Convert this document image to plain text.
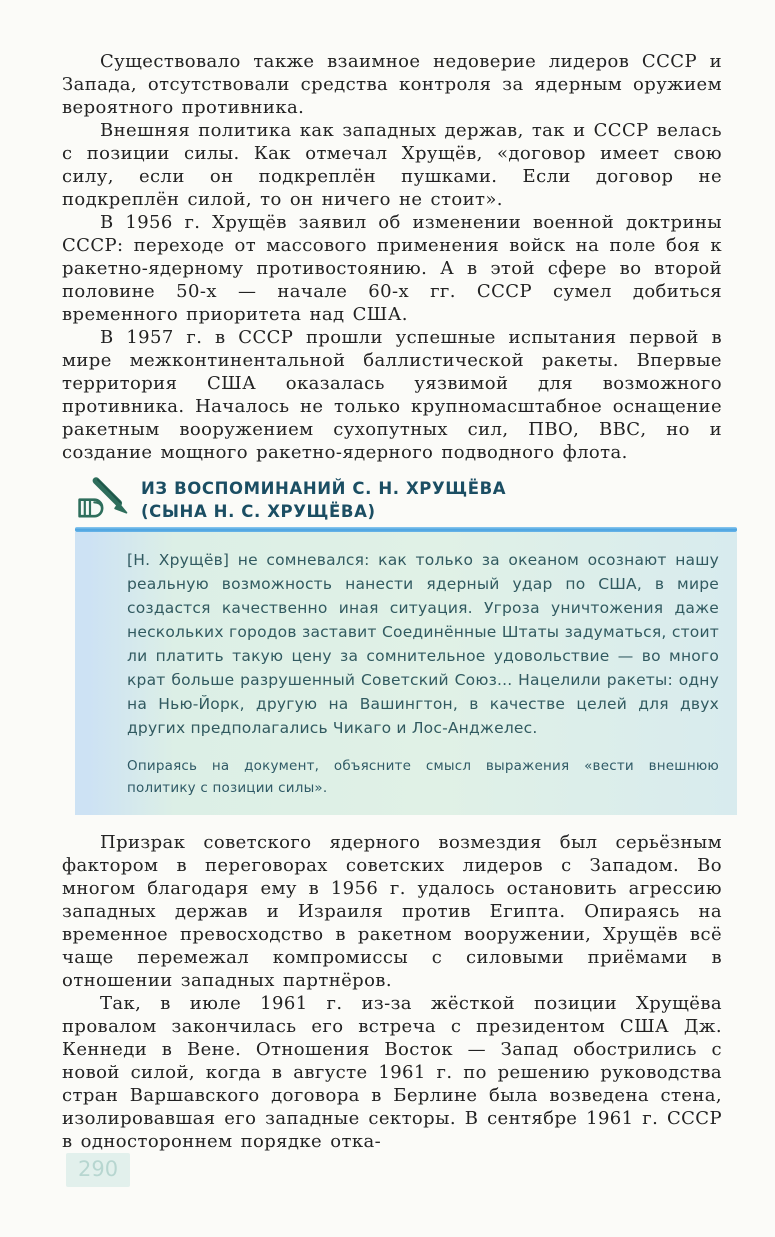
Существовало также взаимное недоверие лидеров СССР и Запада, отсутствовали средства контроля за ядерным оружием вероятного противника.

Внешняя политика как западных держав, так и СССР велась с позиции силы. Как отмечал Хрущёв, «договор имеет свою силу, если он подкреплён пушками. Если договор не подкреплён силой, то он ничего не стоит».

В 1956 г. Хрущёв заявил об изменении военной доктрины СССР: переходе от массового применения войск на поле боя к ракетно-ядерному противостоянию. А в этой сфере во второй половине 50-х — начале 60-х гг. СССР сумел добиться временного приоритета над США.

В 1957 г. в СССР прошли успешные испытания первой в мире межконтинентальной баллистической ракеты. Впервые территория США оказалась уязвимой для возможного противника. Началось не только крупномасштабное оснащение ракетным вооружением сухопутных сил, ПВО, ВВС, но и создание мощного ракетно-ядерного подводного флота.

ИЗ ВОСПОМИНАНИЙ С. Н. ХРУЩЁВА
(СЫНА Н. С. ХРУЩЁВА)

[Н. Хрущёв] не сомневался: как только за океаном осознают нашу реальную возможность нанести ядерный удар по США, в мире создастся качественно иная ситуация. Угроза уничтожения даже нескольких городов заставит Соединённые Штаты задуматься, стоит ли платить такую цену за сомнительное удовольствие — во много крат больше разрушенный Советский Союз... Нацелили ракеты: одну на Нью-Йорк, другую на Вашингтон, в качестве целей для двух других предполагались Чикаго и Лос-Анджелес.

Опираясь на документ, объясните смысл выражения «вести внешнюю политику с позиции силы».

Призрак советского ядерного возмездия был серьёзным фактором в переговорах советских лидеров с Западом. Во многом благодаря ему в 1956 г. удалось остановить агрессию западных держав и Израиля против Египта. Опираясь на временное превосходство в ракетном вооружении, Хрущёв всё чаще перемежал компромиссы с силовыми приёмами в отношении западных партнёров.

Так, в июле 1961 г. из-за жёсткой позиции Хрущёва провалом закончилась его встреча с президентом США Дж. Кеннеди в Вене. Отношения Восток — Запад обострились с новой силой, когда в августе 1961 г. по решению руководства стран Варшавского договора в Берлине была возведена стена, изолировавшая его западные секторы. В сентябре 1961 г. СССР в одностороннем порядке отка-

290
